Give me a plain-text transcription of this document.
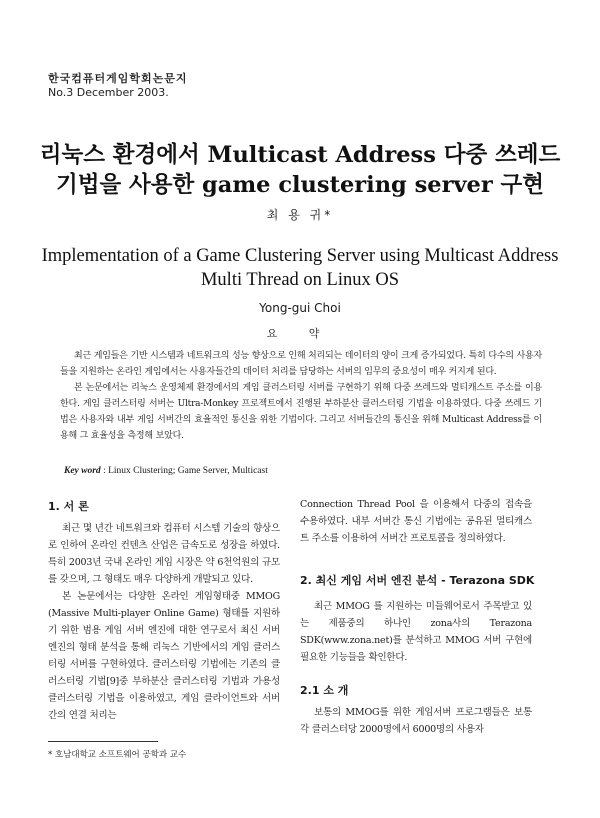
한국컴퓨터게임학회논문지
No.3 December 2003.
리눅스 환경에서 Multicast Address 다중 쓰레드
기법을 사용한 game clustering server 구현
최 용 귀*
Implementation of a Game Clustering Server using Multicast Address
Multi Thread on Linux OS
Yong-gui Choi
요 약

최근 게임들은 기반 시스템과 네트워크의 성능 향상으로 인해 처리되는 데이터의 양이 크게 증가되었다. 특히 다수의 사용자들을 지원하는 온라인 게임에서는 사용자들간의 데이터 처리를 담당하는 서버의 임무의 중요성이 매우 커지게 된다.

본 논문에서는 리눅스 운영체제 환경에서의 게임 클러스터링 서버를 구현하기 위해 다중 쓰레드와 멀티캐스트 주소를 이용한다. 게임 클러스터링 서버는 Ultra-Monkey 프로젝트에서 진행된 부하분산 클러스터링 기법을 이용하였다. 다중 쓰레드 기법은 사용자와 내부 게임 서버간의 효율적인 통신을 위한 기법이다. 그리고 서버들간의 통신을 위해 Multicast Address를 이용해 그 효율성을 측정해 보았다.

Key word : Linux Clustering; Game Server, Multicast
1. 서 론

최근 몇 년간 네트워크와 컴퓨터 시스템 기술의 향상으로 인하여 온라인 컨텐츠 산업은 급속도로 성장을 하였다. 특히 2003년 국내 온라인 게임 시장은 약 6천억원의 규모를 갖으며, 그 형태도 매우 다양하게 개발되고 있다.

본 논문에서는 다양한 온라인 게임형태중 MMOG (Massive Multi-player Online Game) 형태를 지원하기 위한 범용 게임 서버 엔진에 대한 연구로서 최신 서버 엔진의 형태 분석을 통해 리눅스 기반에서의 게임 클러스터링 서버를 구현하였다. 클러스터링 기법에는 기존의 클러스터링 기법[9]중 부하분산 클러스터링 기법과 가용성 클러스터링 기법을 이용하였고, 게임 클라이언트와 서버간의 연결 처리는

Connection Thread Pool 을 이용해서 다중의 접속을 수용하였다. 내부 서버간 통신 기법에는 공유된 멀티캐스트 주소를 이용하여 서버간 프로토콜을 정의하였다.

2. 최신 게임 서버 엔진 분석 - Terazona SDK

최근 MMOG 를 지원하는 미들웨어로서 주목받고 있는 제품중의 하나인 zona사의 Terazona SDK(www.zona.net)를 분석하고 MMOG 서버 구현에 필요한 기능들을 확인한다.

2.1 소 개

보통의 MMOG를 위한 게임서버 프로그램들은 보통 각 클러스터당 2000명에서 6000명의 사용자

* 호남대학교 소프트웨어 공학과 교수
